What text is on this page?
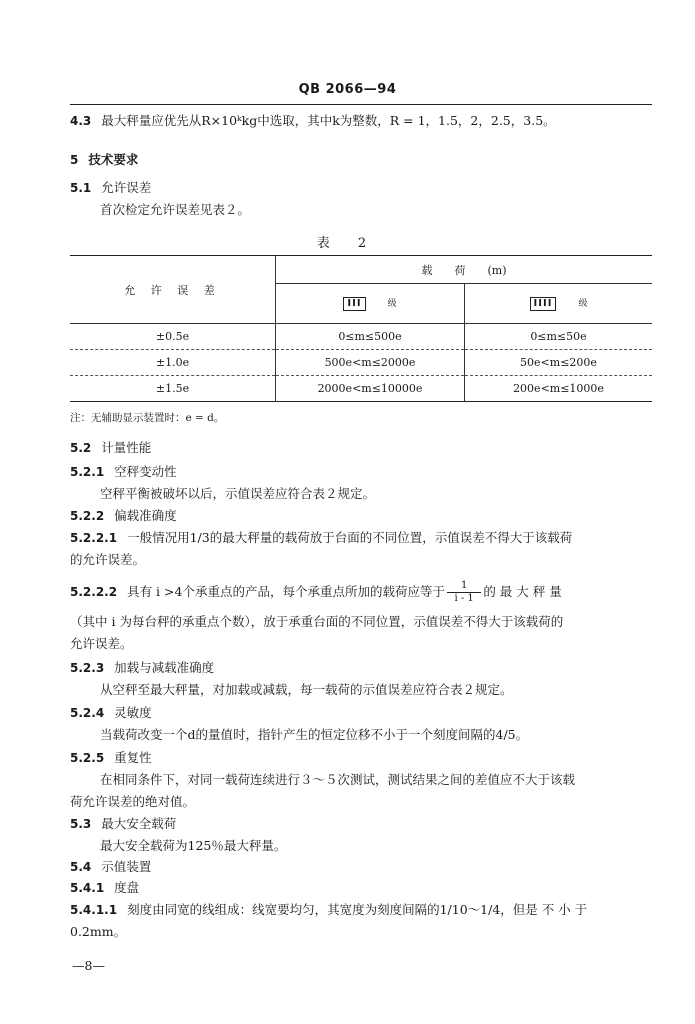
QB 2066—94
4.3 最大秤量应优先从R×10ᵏkg中选取，其中k为整数，R = 1，1.5，2，2.5，3.5。
5 技术要求
5.1 允许误差
首次检定允许误差见表２。
表 2
允 许 误 差	载　　荷　　(m)	
	III 级	IIII 级
±0.5e	0≤m≤500e	0≤m≤50e
±1.0e	500e<m≤2000e	50e<m≤200e
±1.5e	2000e<m≤10000e	200e<m≤1000e
注：无辅助显示装置时：e = d。
5.2 计量性能
5.2.1 空秤变动性
空秤平衡被破坏以后，示值误差应符合表２规定。
5.2.2 偏载准确度
5.2.2.1 一般情况用1/3的最大秤量的载荷放于台面的不同位置，示值误差不得大于该载荷
的允许误差。
5.2.2.2 具有 i >4个承重点的产品，每个承重点所加的载荷应等于 $\frac{1}{i - 1}$ 的 最 大 秤 量
（其中 i 为每台秤的承重点个数），放于承重台面的不同位置，示值误差不得大于该载荷的
允许误差。
5.2.3 加载与减载准确度
从空秤至最大秤量，对加载或减载，每一载荷的示值误差应符合表２规定。
5.2.4 灵敏度
当载荷改变一个d的量值时，指针产生的恒定位移不小于一个刻度间隔的4/5。
5.2.5 重复性
在相同条件下，对同一载荷连续进行３～５次测试，测试结果之间的差值应不大于该载
荷允许误差的绝对值。
5.3 最大安全载荷
最大安全载荷为125％最大秤量。
5.4 示值装置
5.4.1 度盘
5.4.1.1 刻度由同宽的线组成：线宽要均匀，其宽度为刻度间隔的1/10～1/4，但是 不 小 于
0.2mm。
—8—
